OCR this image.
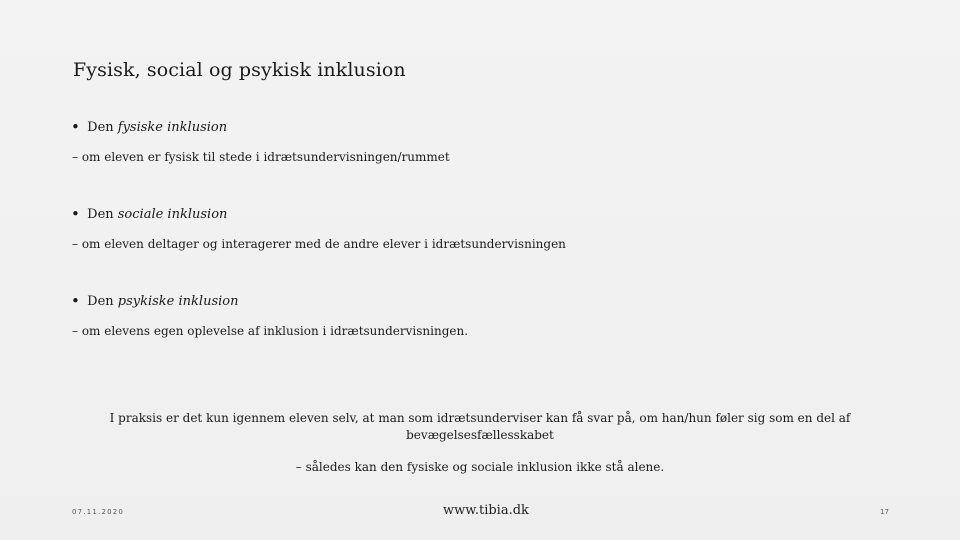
Fysisk, social og psykisk inklusion
• Den fysiske inklusion
– om eleven er fysisk til stede i idrætsundervisningen/rummet
• Den sociale inklusion
– om eleven deltager og interagerer med de andre elever i idrætsundervisningen
• Den psykiske inklusion
– om elevens egen oplevelse af inklusion i idrætsundervisningen.
I praksis er det kun igennem eleven selv, at man som idrætsunderviser kan få svar på, om han/hun føler sig som en del af bevægelsesfællesskabet
– således kan den fysiske og sociale inklusion ikke stå alene.
07.11.2020	www.tibia.dk	17
